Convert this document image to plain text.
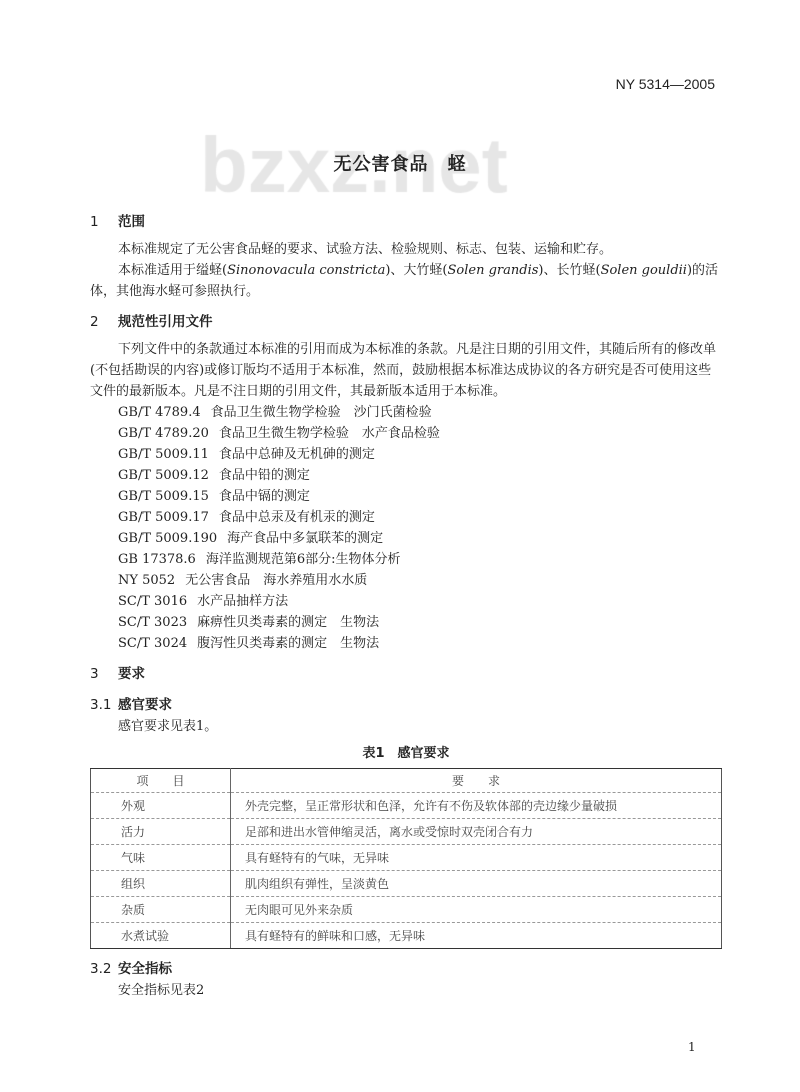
NY 5314—2005
无公害食品　蛏
1 范围
本标准规定了无公害食品蛏的要求、试验方法、检验规则、标志、包装、运输和贮存。
本标准适用于缢蛏(Sinonovacula constricta)、大竹蛏(Solen grandis)、长竹蛏(Solen gouldii)的活体，其他海水蛏可参照执行。
2 规范性引用文件
下列文件中的条款通过本标准的引用而成为本标准的条款。凡是注日期的引用文件，其随后所有的修改单(不包括勘误的内容)或修订版均不适用于本标准，然而，鼓励根据本标准达成协议的各方研究是否可使用这些文件的最新版本。凡是不注日期的引用文件，其最新版本适用于本标准。
GB/T 4789.4 食品卫生微生物学检验　沙门氏菌检验
GB/T 4789.20 食品卫生微生物学检验　水产食品检验
GB/T 5009.11 食品中总砷及无机砷的测定
GB/T 5009.12 食品中铅的测定
GB/T 5009.15 食品中镉的测定
GB/T 5009.17 食品中总汞及有机汞的测定
GB/T 5009.190 海产食品中多氯联苯的测定
GB 17378.6 海洋监测规范第6部分:生物体分析
NY 5052 无公害食品　海水养殖用水水质
SC/T 3016 水产品抽样方法
SC/T 3023 麻痹性贝类毒素的测定　生物法
SC/T 3024 腹泻性贝类毒素的测定　生物法
3 要求
3.1 感官要求
感官要求见表1。
表1　感官要求
项　　目	要　　求
外观	外壳完整，呈正常形状和色泽，允许有不伤及软体部的壳边缘少量破损
活力	足部和进出水管伸缩灵活，离水或受惊时双壳闭合有力
气味	具有蛏特有的气味，无异味
组织	肌肉组织有弹性，呈淡黄色
杂质	无肉眼可见外来杂质
水煮试验	具有蛏特有的鲜味和口感，无异味
3.2 安全指标
安全指标见表2
1
